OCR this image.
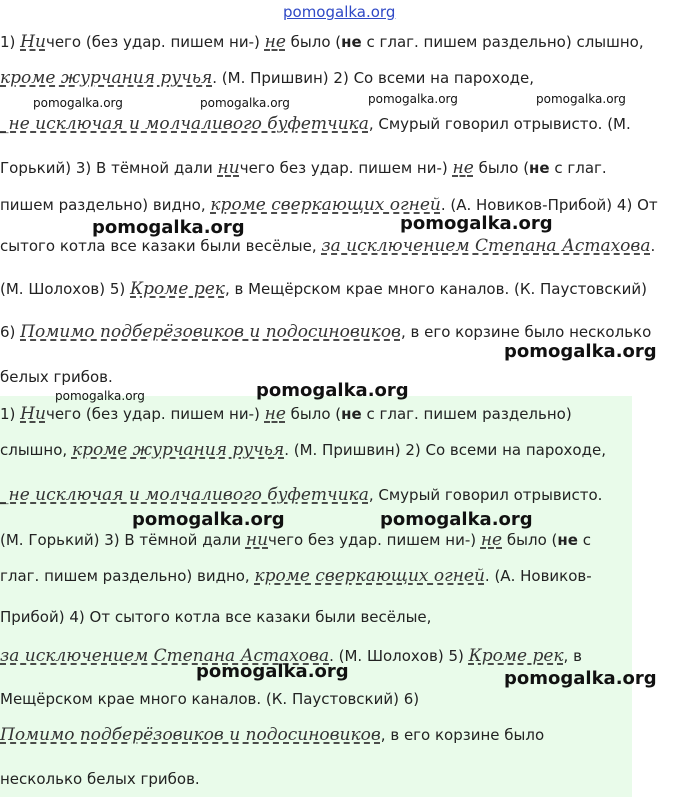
1) Ничего (без удар. пишем ни-) не было (не с глаг. пишем раздельно) слышно,
кроме журчания ручья. (М. Пришвин) 2) Со всеми на пароходе,
_не исключая и молчаливого буфетчика, Смурый говорил отрывисто. (М.
Горький) 3) В тёмной дали ничего без удар. пишем ни-) не было (не с глаг.
пишем раздельно) видно, кроме сверкающих огней. (А. Новиков-Прибой) 4) От
сытого котла все казаки были весёлые, за исключением Степана Астахова.
(М. Шолохов) 5) Кроме рек, в Мещёрском крае много каналов. (К. Паустовский)
6) Помимо подберёзовиков и подосиновиков, в его корзине было несколько
белых грибов.
1) Ничего (без удар. пишем ни-) не было (не с глаг. пишем раздельно)
слышно, кроме журчания ручья. (М. Пришвин) 2) Со всеми на пароходе,
_не исключая и молчаливого буфетчика, Смурый говорил отрывисто.
(М. Горький) 3) В тёмной дали ничего без удар. пишем ни-) не было (не с
глаг. пишем раздельно) видно, кроме сверкающих огней. (А. Новиков-
Прибой) 4) От сытого котла все казаки были весёлые,
за исключением Степана Астахова. (М. Шолохов) 5) Кроме рек, в
Мещёрском крае много каналов. (К. Паустовский) 6)
Помимо подберёзовиков и подосиновиков, в его корзине было
несколько белых грибов.
pomogalka.org
pomogalka.org	pomogalka.org	pomogalka.org	pomogalka.org
pomogalka.org	pomogalka.org
pomogalka.org
pomogalka.org	pomogalka.org
pomogalka.org	pomogalka.org
pomogalka.org	pomogalka.org
